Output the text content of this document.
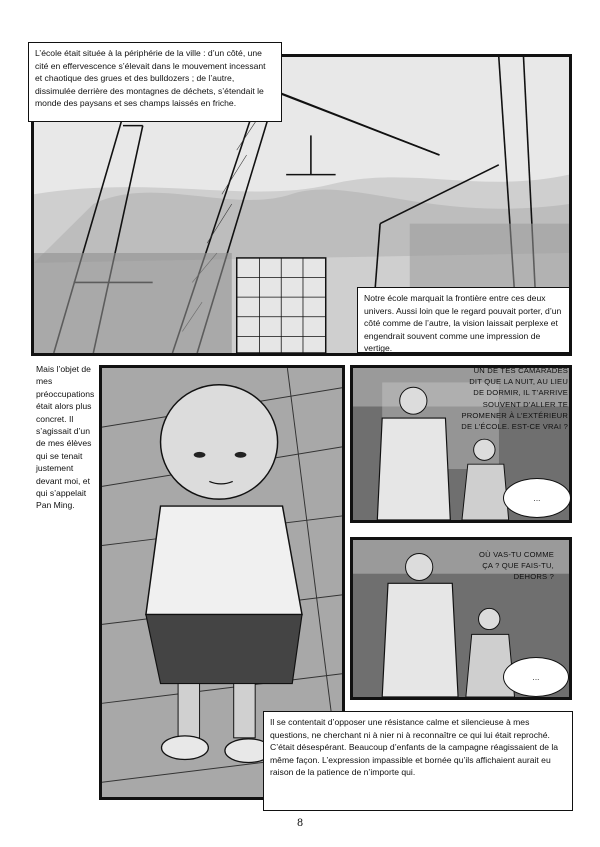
L’école était située à la périphérie de la ville : d’un côté, une cité en effervescence s’élevait dans le mouvement incessant et chaotique des grues et des bulldozers ; de l’autre, dissimulée derrière des montagnes de déchets, s’étendait le monde des paysans et ses champs laissés en friche.
Notre école marquait la frontière entre ces deux univers. Aussi loin que le regard pouvait porter, d’un côté comme de l’autre, la vision laissait perplexe et engendrait souvent comme une impression de vertige.
Mais l’objet de mes préoccupations était alors plus concret. Il s’agissait d’un de mes élèves qui se tenait justement devant moi, et qui s’appelait Pan Ming.
UN DE TES CAMARADES DIT QUE LA NUIT, AU LIEU DE DORMIR, IL T’ARRIVE SOUVENT D’ALLER TE PROMENER À L’EXTÉRIEUR DE L’ÉCOLE. EST-CE VRAI ?
...
OÙ VAS-TU COMME ÇA ? QUE FAIS-TU, DEHORS ?
...
Il se contentait d’opposer une résistance calme et silencieuse à mes questions, ne cherchant ni à nier ni à reconnaître ce qui lui était reproché. C’était désespérant. Beaucoup d’enfants de la campagne réagissaient de la même façon. L’expression impassible et bornée qu’ils affichaient aurait eu raison de la patience de n’importe qui.
8
